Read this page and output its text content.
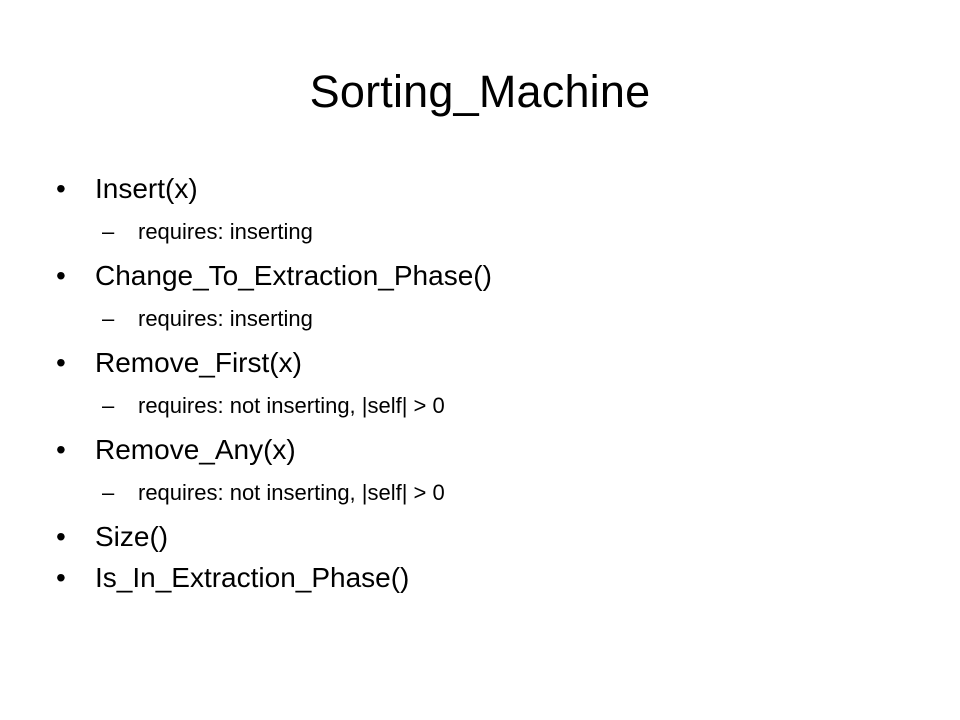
Sorting_Machine
•	Insert(x)
–	requires: inserting
•	Change_To_Extraction_Phase()
–	requires: inserting
•	Remove_First(x)
–	requires: not inserting, |self| > 0
•	Remove_Any(x)
–	requires: not inserting, |self| > 0
•	Size()
•	Is_In_Extraction_Phase()
